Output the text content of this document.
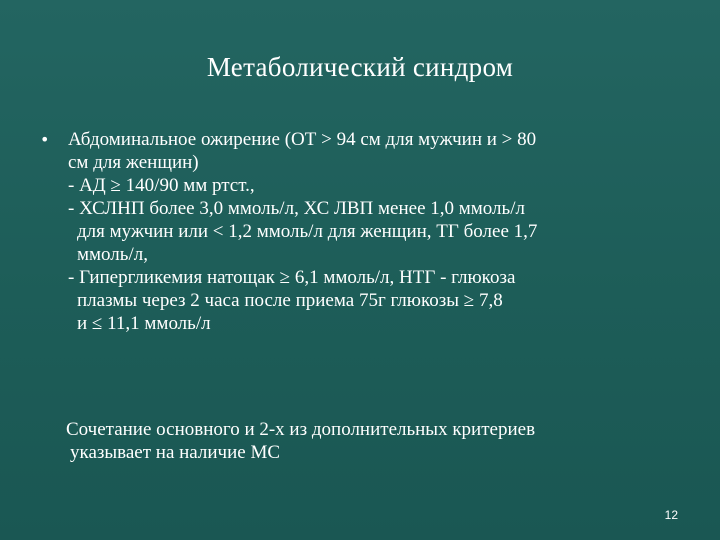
Метаболический синдром
• Абдоминальное ожирение (ОТ > 94 см для мужчин и > 80
см для женщин)
- АД ≥ 140/90 мм ртст.,
- ХСЛНП более 3,0 ммоль/л, ХС ЛВП менее 1,0 ммоль/л
для мужчин или < 1,2 ммоль/л для женщин, ТГ более 1,7
ммоль/л,
- Гипергликемия натощак ≥ 6,1 ммоль/л, НТГ - глюкоза
плазмы через 2 часа после приема 75г глюкозы ≥ 7,8
и ≤ 11,1 ммоль/л
Сочетание основного и 2-х из дополнительных критериев
указывает на наличие МС
12
